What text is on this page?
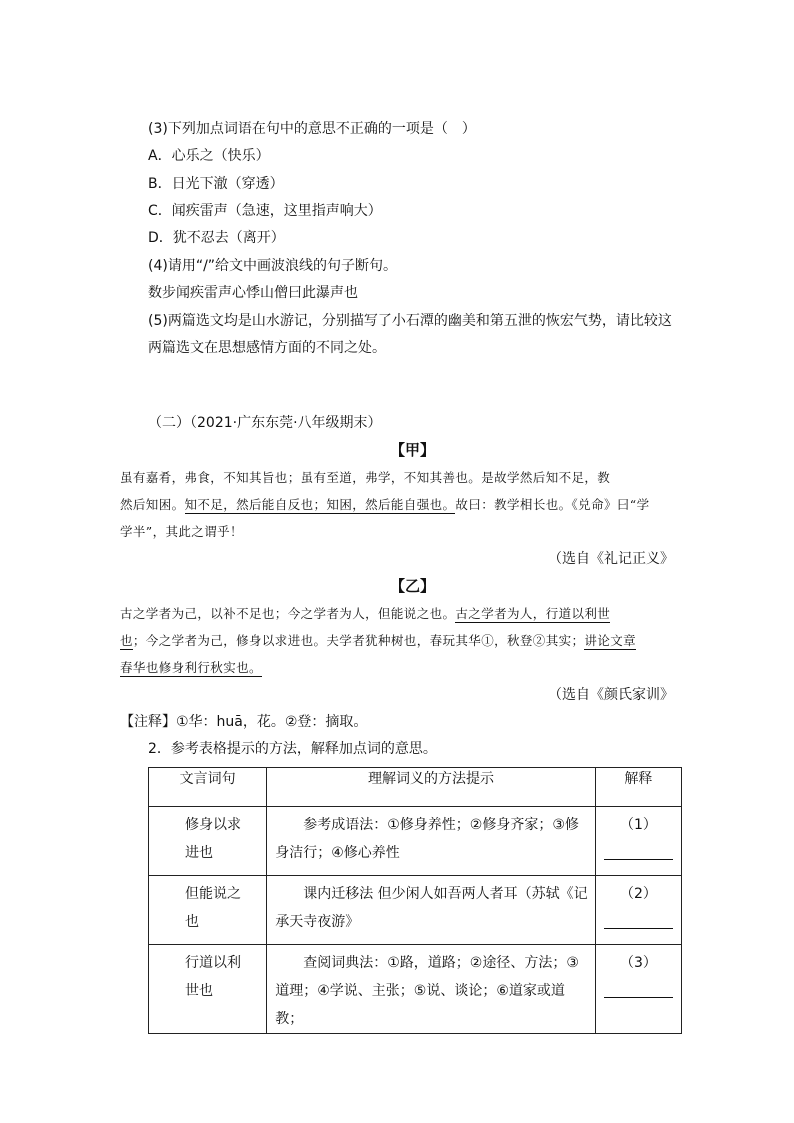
(3)下列加点词语在句中的意思不正确的一项是（　）
A．心乐之（快乐）
B．日光下澈（穿透）
C．闻疾雷声（急速，这里指声响大）
D．犹不忍去（离开）
(4)请用“/”给文中画波浪线的句子断句。
数步闻疾雷声心悸山僧曰此瀑声也
(5)两篇选文均是山水游记，分别描写了小石潭的幽美和第五泄的恢宏气势，请比较这
两篇选文在思想感情方面的不同之处。
（二）（2021·广东东莞·八年级期末）
【甲】
虽有嘉肴，弗食，不知其旨也；虽有至道，弗学，不知其善也。是故学然后知不足，教
然后知困。知不足，然后能自反也；知困，然后能自强也。故曰：教学相长也。《兑命》曰“学
学半”，其此之谓乎！
（选自《礼记正义》
【乙】
古之学者为己，以补不足也；今之学者为人，但能说之也。古之学者为人，行道以利世
也；今之学者为己，修身以求进也。夫学者犹种树也，春玩其华①，秋登②其实；讲论文章
春华也修身利行秋实也。
（选自《颜氏家训》
【注释】①华：huā，花。②登：摘取。
2．参考表格提示的方法，解释加点词的意思。
文言词句	理解词义的方法提示	解释
修身以求进也	参考成语法：①修身养性；②修身齐家；③修身洁行；④修心养性	（1）

但能说之也	课内迁移法 但少闲人如吾两人者耳（苏轼《记承天寺夜游》	（2）

行道以利世也	查阅词典法：①路，道路；②途径、方法；③道理；④学说、主张；⑤说、谈论；⑥道家或道教；	（3）
